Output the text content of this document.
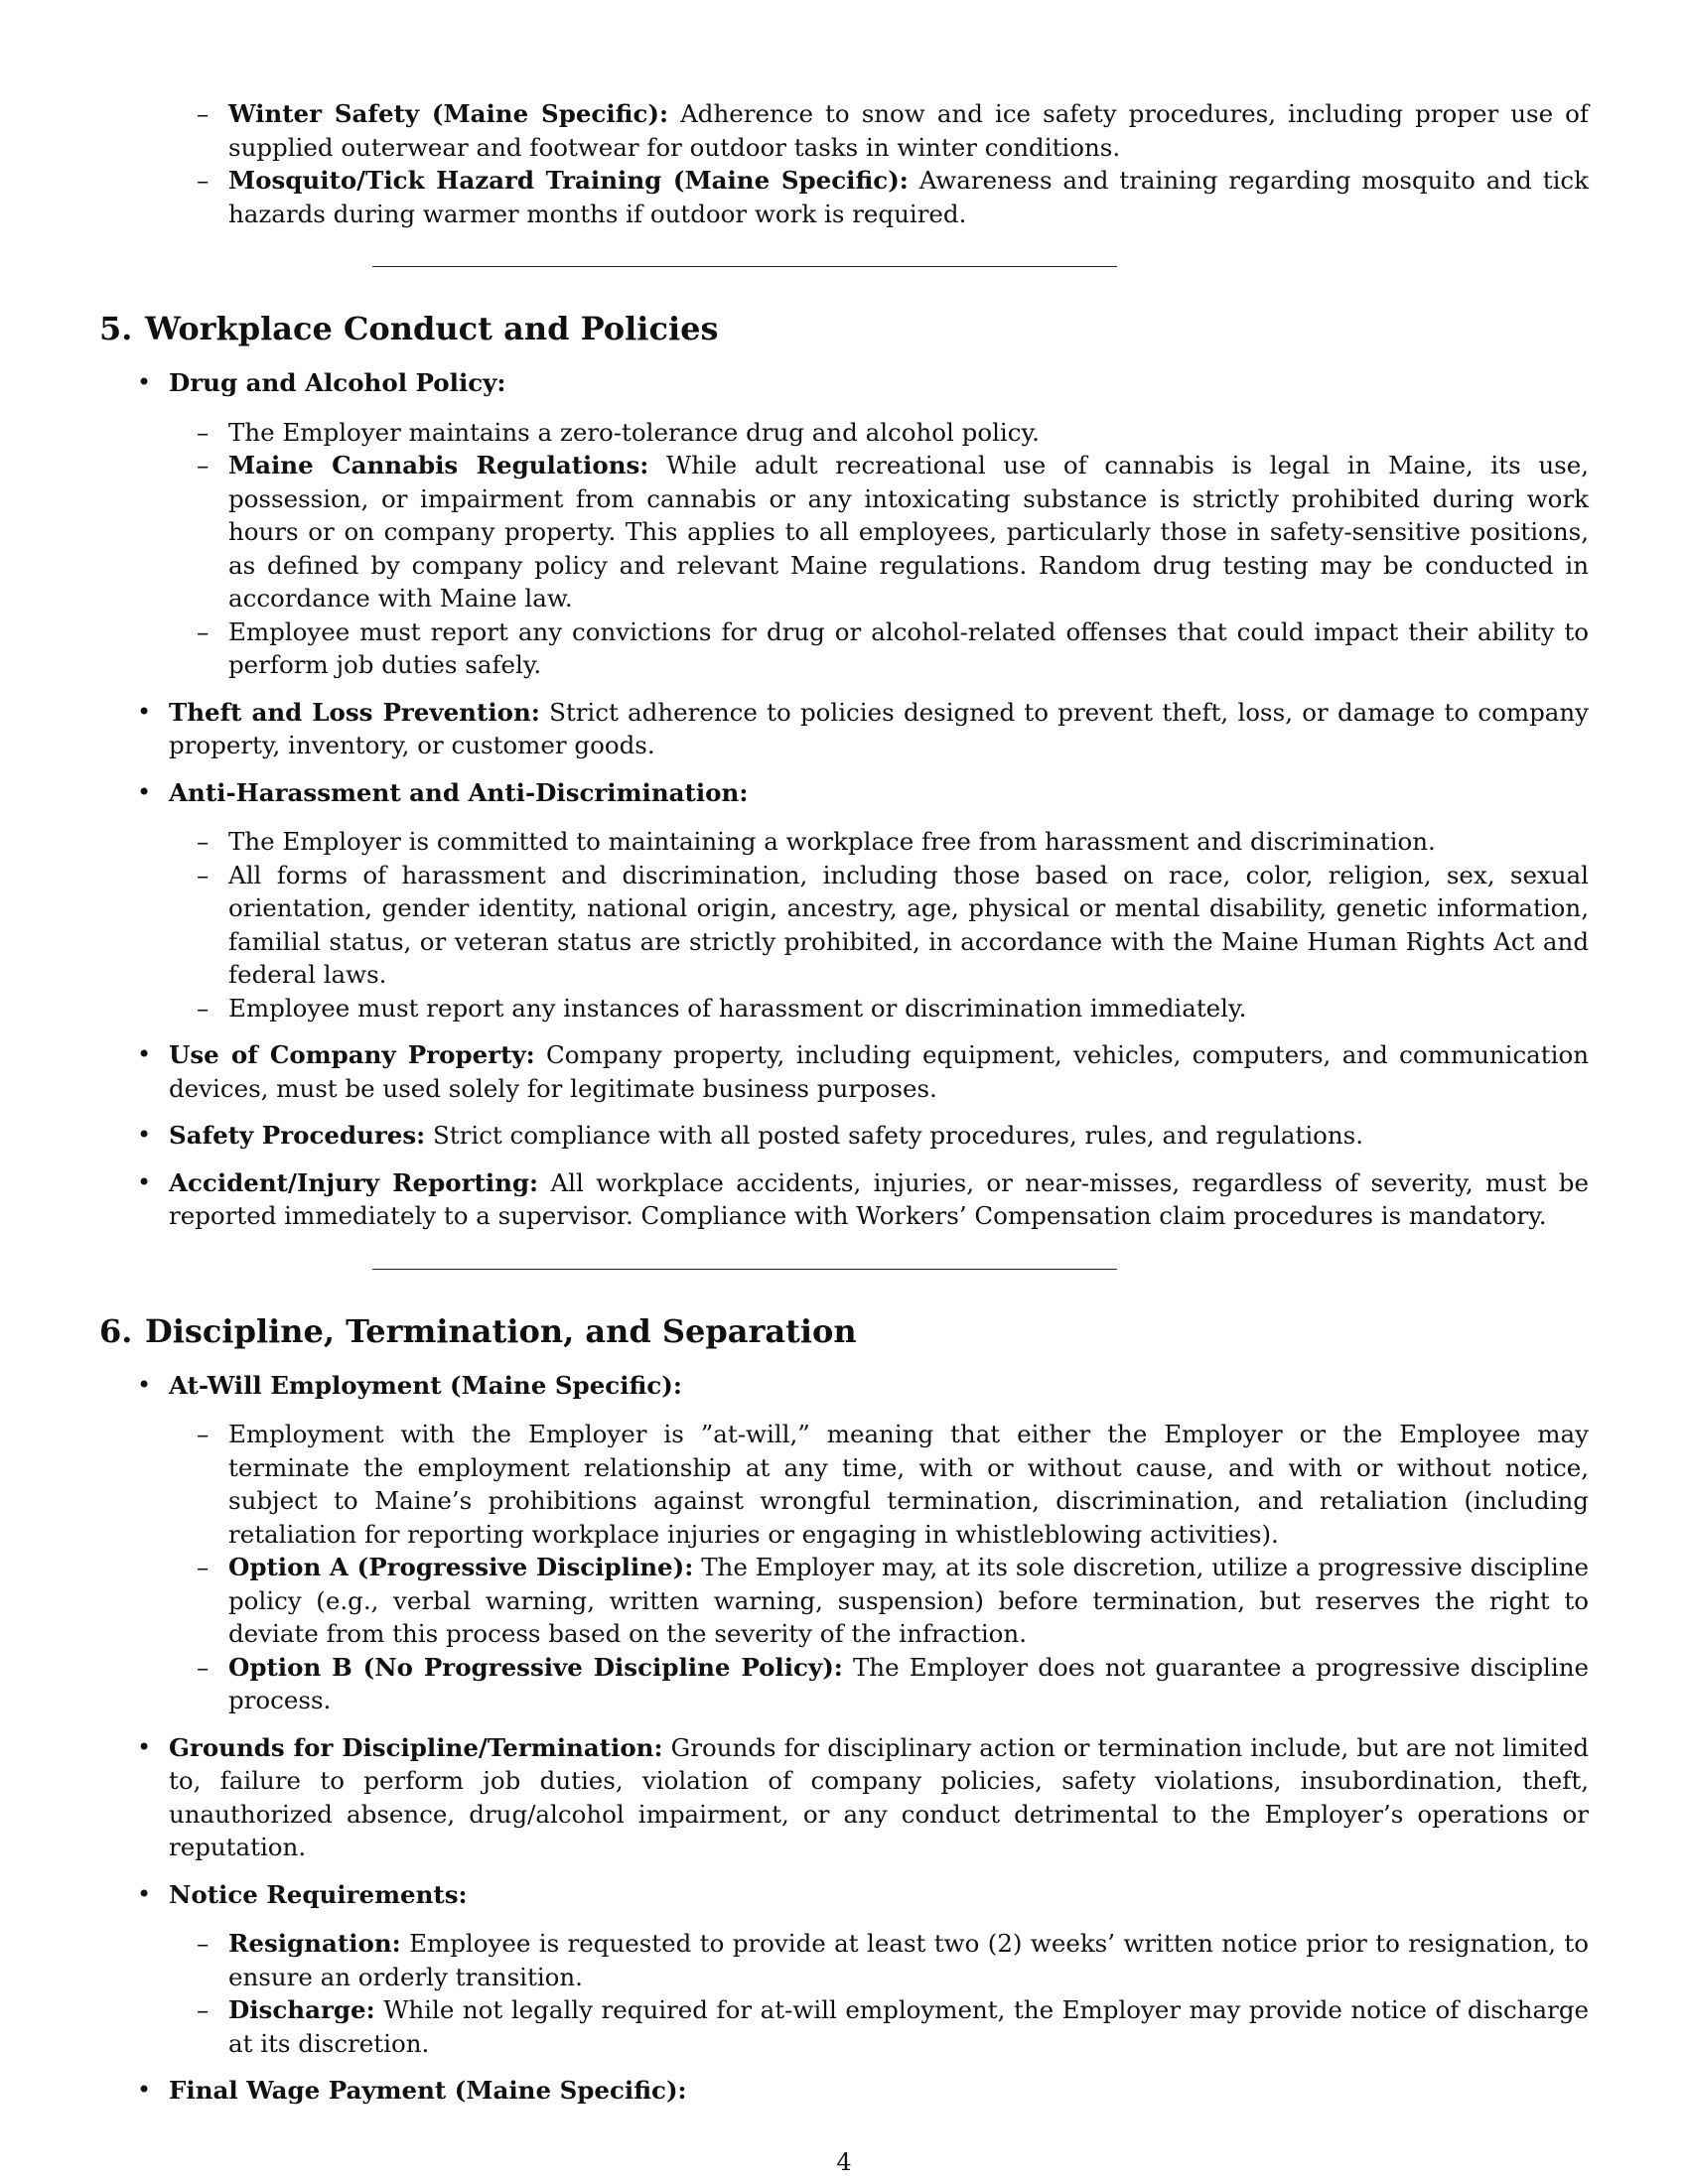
– Winter Safety (Maine Specific): Adherence to snow and ice safety procedures, including proper use of supplied outerwear and footwear for outdoor tasks in winter conditions.
– Mosquito/Tick Hazard Training (Maine Specific): Awareness and training regarding mosquito and tick hazards during warmer months if outdoor work is required.
5. Workplace Conduct and Policies
• Drug and Alcohol Policy:
– The Employer maintains a zero-tolerance drug and alcohol policy.
– Maine Cannabis Regulations: While adult recreational use of cannabis is legal in Maine, its use, possession, or impairment from cannabis or any intoxicating substance is strictly prohibited during work hours or on company property. This applies to all employees, particularly those in safety-sensitive positions, as defined by company policy and relevant Maine regulations. Random drug testing may be conducted in accordance with Maine law.
– Employee must report any convictions for drug or alcohol-related offenses that could impact their ability to perform job duties safely.
• Theft and Loss Prevention: Strict adherence to policies designed to prevent theft, loss, or damage to company property, inventory, or customer goods.
• Anti-Harassment and Anti-Discrimination:
– The Employer is committed to maintaining a workplace free from harassment and discrimination.
– All forms of harassment and discrimination, including those based on race, color, religion, sex, sexual orientation, gender identity, national origin, ancestry, age, physical or mental disability, genetic information, familial status, or veteran status are strictly prohibited, in accordance with the Maine Human Rights Act and federal laws.
– Employee must report any instances of harassment or discrimination immediately.
• Use of Company Property: Company property, including equipment, vehicles, computers, and communication devices, must be used solely for legitimate business purposes.
• Safety Procedures: Strict compliance with all posted safety procedures, rules, and regulations.
• Accident/Injury Reporting: All workplace accidents, injuries, or near-misses, regardless of severity, must be reported immediately to a supervisor. Compliance with Workers’ Compensation claim procedures is mandatory.
6. Discipline, Termination, and Separation
• At-Will Employment (Maine Specific):
– Employment with the Employer is ”at-will,” meaning that either the Employer or the Employee may terminate the employment relationship at any time, with or without cause, and with or without notice, subject to Maine’s prohibitions against wrongful termination, discrimination, and retaliation (including retaliation for reporting workplace injuries or engaging in whistleblowing activities).
– Option A (Progressive Discipline): The Employer may, at its sole discretion, utilize a progressive discipline policy (e.g., verbal warning, written warning, suspension) before termination, but reserves the right to deviate from this process based on the severity of the infraction.
– Option B (No Progressive Discipline Policy): The Employer does not guarantee a progressive discipline process.
• Grounds for Discipline/Termination: Grounds for disciplinary action or termination include, but are not limited to, failure to perform job duties, violation of company policies, safety violations, insubordination, theft, unauthorized absence, drug/alcohol impairment, or any conduct detrimental to the Employer’s operations or reputation.
• Notice Requirements:
– Resignation: Employee is requested to provide at least two (2) weeks’ written notice prior to resignation, to ensure an orderly transition.
– Discharge: While not legally required for at-will employment, the Employer may provide notice of discharge at its discretion.
• Final Wage Payment (Maine Specific):
4
